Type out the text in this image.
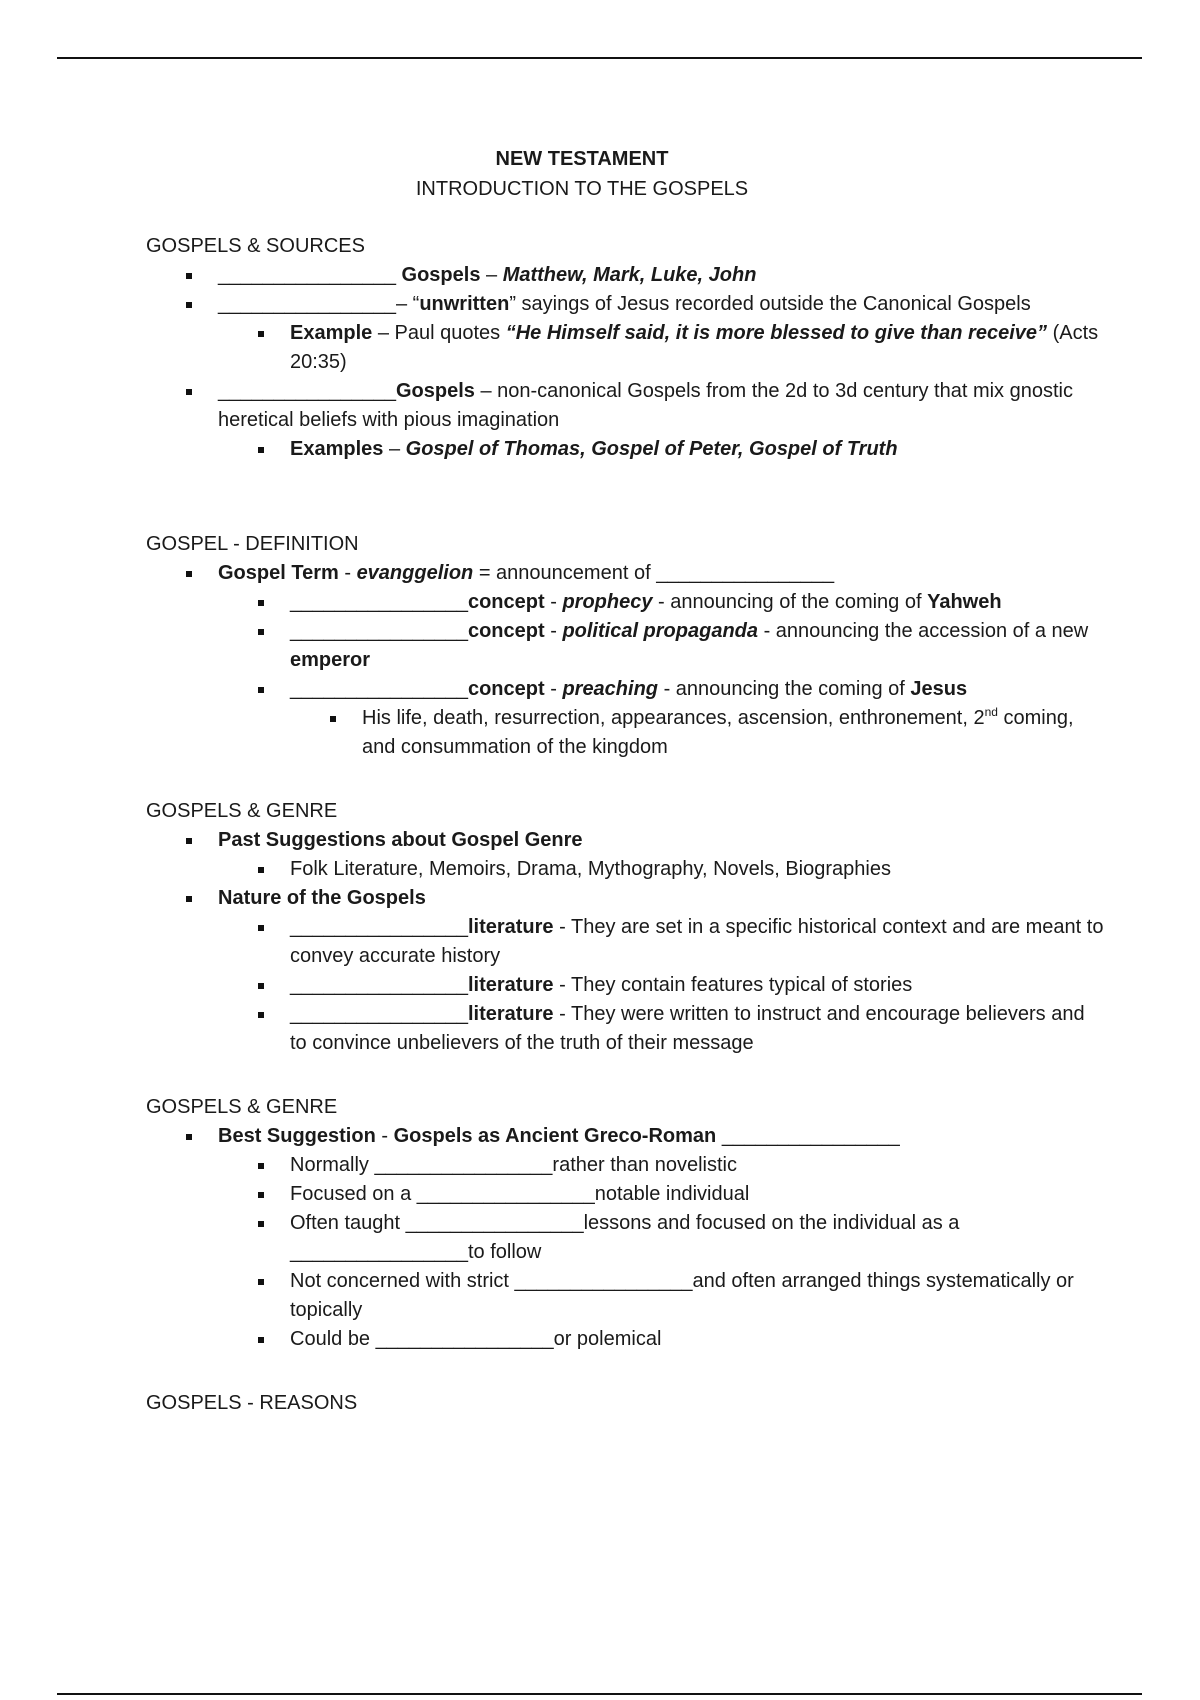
NEW TESTAMENT
INTRODUCTION TO THE GOSPELS
GOSPELS & SOURCES
________________ Gospels – Matthew, Mark, Luke, John
________________– “unwritten” sayings of Jesus recorded outside the Canonical Gospels
Example – Paul quotes “He Himself said, it is more blessed to give than receive” (Acts 20:35)
________________Gospels – non-canonical Gospels from the 2d to 3d century that mix gnostic heretical beliefs with pious imagination
Examples – Gospel of Thomas, Gospel of Peter, Gospel of Truth
GOSPEL - DEFINITION
Gospel Term - evanggelion = announcement of ________________
________________concept - prophecy - announcing of the coming of Yahweh
________________concept - political propaganda - announcing the accession of a new emperor
________________concept - preaching - announcing the coming of Jesus
His life, death, resurrection, appearances, ascension, enthronement, 2nd coming, and consummation of the kingdom
GOSPELS & GENRE
Past Suggestions about Gospel Genre
Folk Literature, Memoirs, Drama, Mythography, Novels, Biographies
Nature of the Gospels
________________literature - They are set in a specific historical context and are meant to convey accurate history
________________literature - They contain features typical of stories
________________literature - They were written to instruct and encourage believers and to convince unbelievers of the truth of their message
GOSPELS & GENRE
Best Suggestion - Gospels as Ancient Greco-Roman ________________
Normally ________________rather than novelistic
Focused on a ________________notable individual
Often taught ________________lessons and focused on the individual as a ________________to follow
Not concerned with strict ________________and often arranged things systematically or topically
Could be ________________or polemical
GOSPELS - REASONS
